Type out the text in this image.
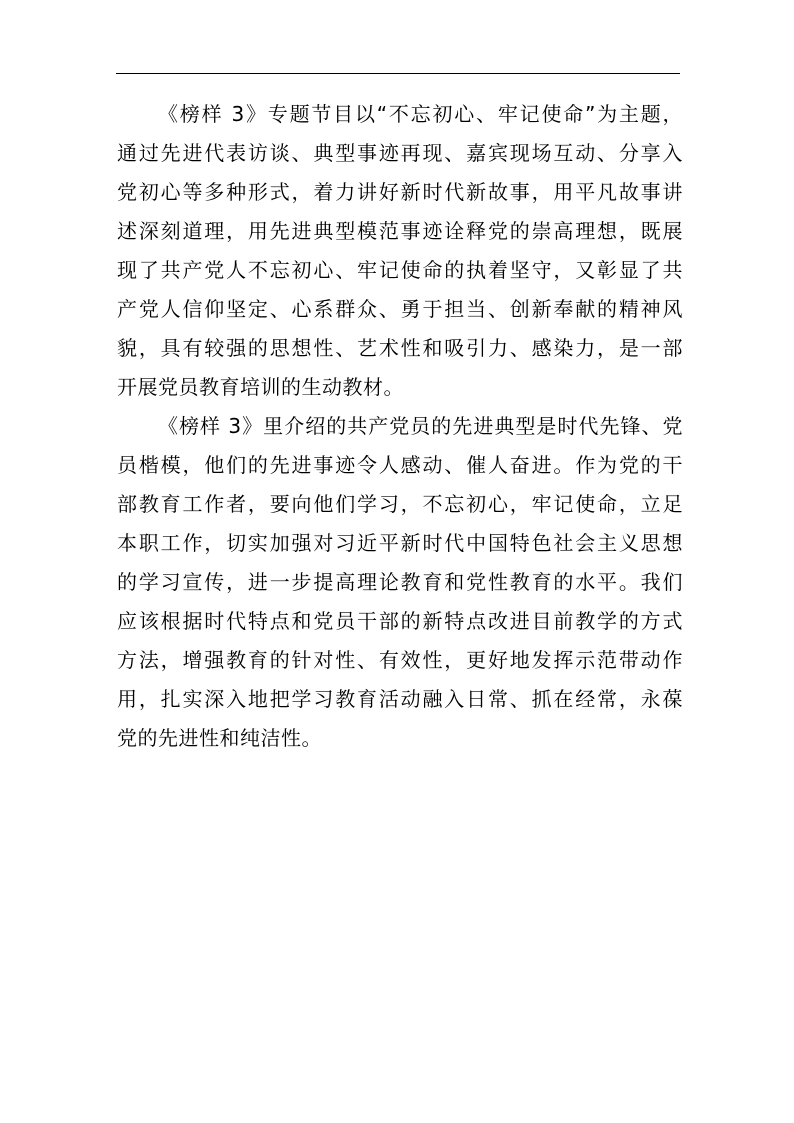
《榜样 3》专题节目以“不忘初心、牢记使命”为主题，
通过先进代表访谈、典型事迹再现、嘉宾现场互动、分享入
党初心等多种形式，着力讲好新时代新故事，用平凡故事讲
述深刻道理，用先进典型模范事迹诠释党的崇高理想，既展
现了共产党人不忘初心、牢记使命的执着坚守，又彰显了共
产党人信仰坚定、心系群众、勇于担当、创新奉献的精神风
貌，具有较强的思想性、艺术性和吸引力、感染力，是一部
开展党员教育培训的生动教材。
《榜样 3》里介绍的共产党员的先进典型是时代先锋、党
员楷模，他们的先进事迹令人感动、催人奋进。作为党的干
部教育工作者，要向他们学习，不忘初心，牢记使命，立足
本职工作，切实加强对习近平新时代中国特色社会主义思想
的学习宣传，进一步提高理论教育和党性教育的水平。我们
应该根据时代特点和党员干部的新特点改进目前教学的方式
方法，增强教育的针对性、有效性，更好地发挥示范带动作
用，扎实深入地把学习教育活动融入日常、抓在经常，永葆
党的先进性和纯洁性。
